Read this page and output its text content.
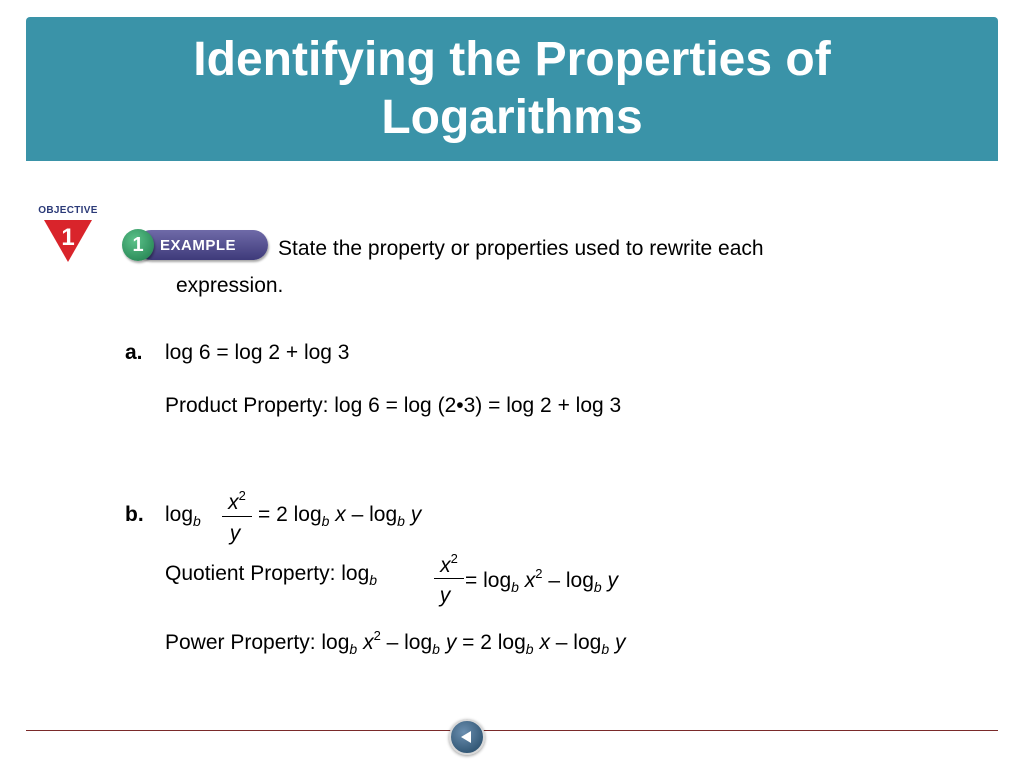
Identifying the Properties of Logarithms
OBJECTIVE
1	EXAMPLE
1	State the property or properties used to rewrite each
expression.
a. log 6 = log 2 + log 3
Product Property: log 6 = log (2•3) = log 2 + log 3
b. $\log_b$
$x^2$
y
= 2 $\log_b x - \log_b y$
Quotient Property: $\log_b$
$x^2$
y
= $\log_b x^2 - \log_b y$
Power Property: $\log_b x^2 - \log_b y = 2$ $\log_b x - \log_b y$
